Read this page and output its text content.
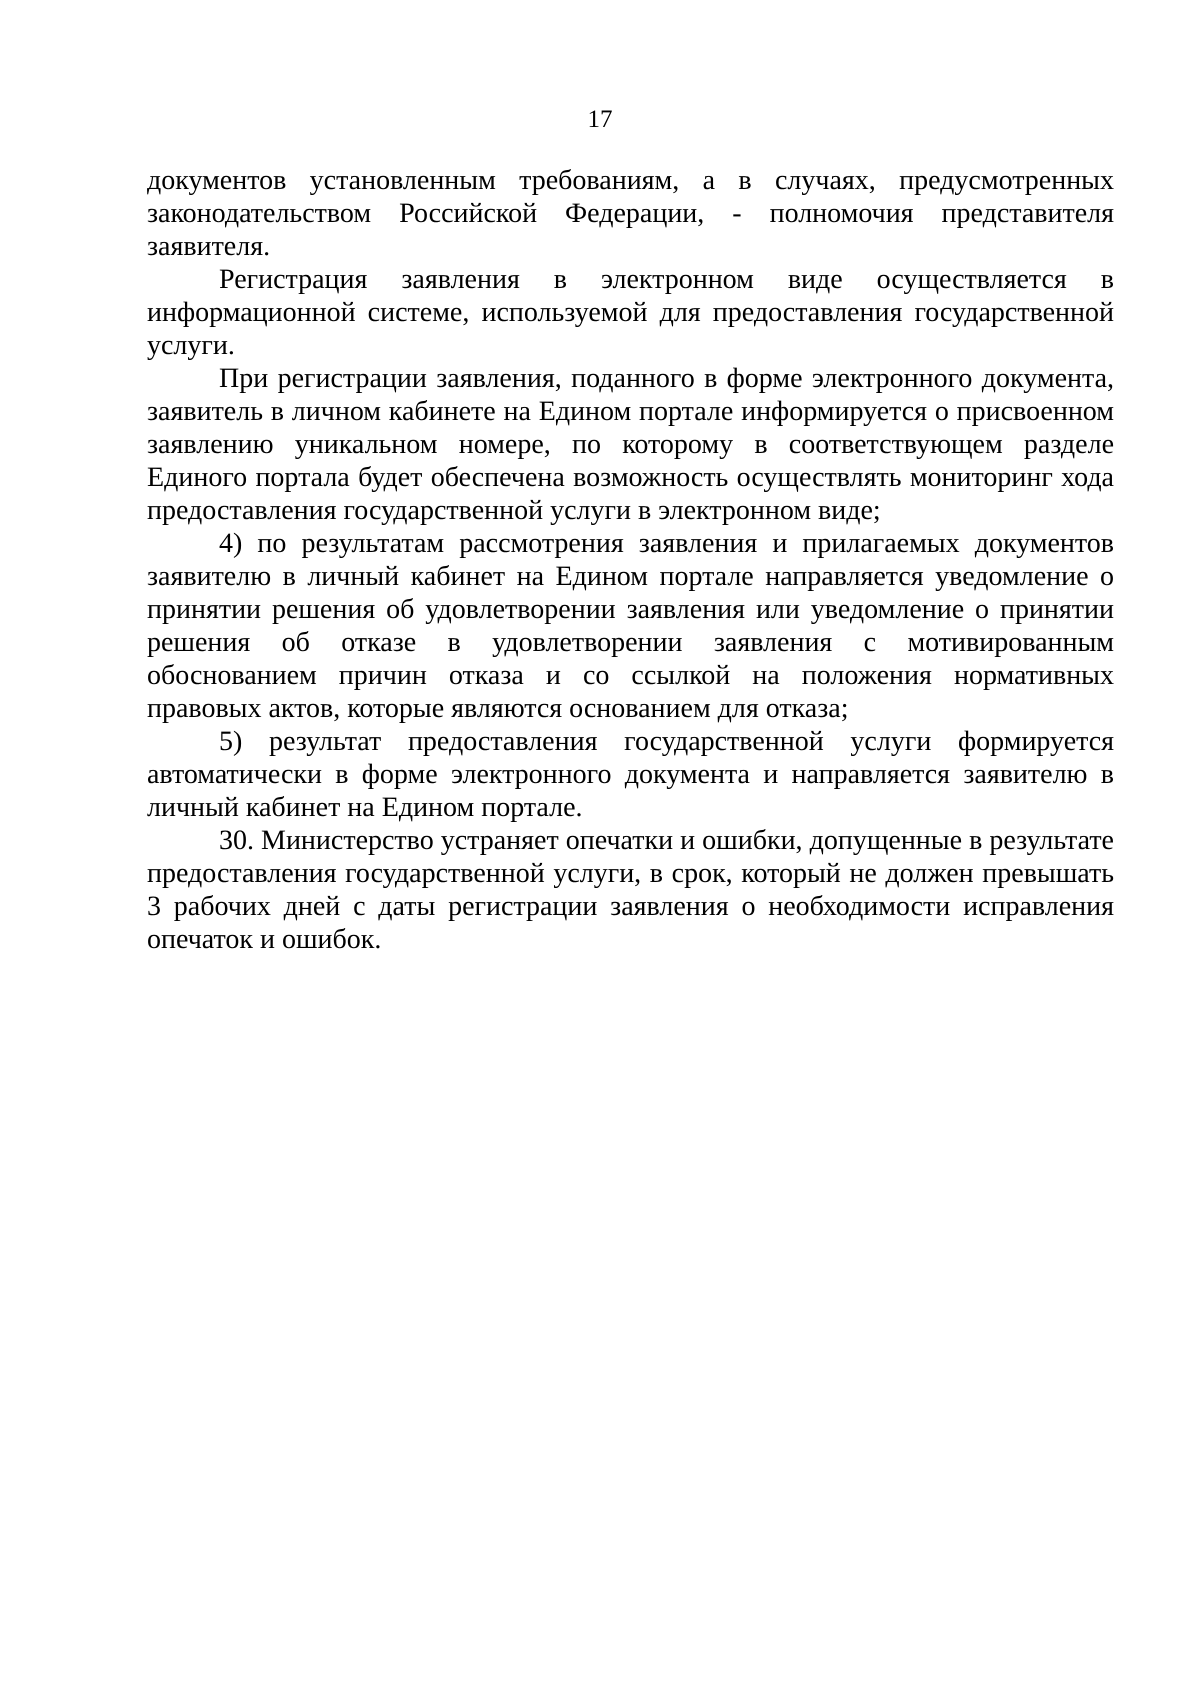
17

документов установленным требованиям, а в случаях, предусмотренных законодательством Российской Федерации, - полномочия представителя заявителя.

Регистрация заявления в электронном виде осуществляется в информационной системе, используемой для предоставления государственной услуги.

При регистрации заявления, поданного в форме электронного документа, заявитель в личном кабинете на Едином портале информируется о присвоенном заявлению уникальном номере, по которому в соответствующем разделе Единого портала будет обеспечена возможность осуществлять мониторинг хода предоставления государственной услуги в электронном виде;

4) по результатам рассмотрения заявления и прилагаемых документов заявителю в личный кабинет на Едином портале направляется уведомление о принятии решения об удовлетворении заявления или уведомление о принятии решения об отказе в удовлетворении заявления с мотивированным обоснованием причин отказа и со ссылкой на положения нормативных правовых актов, которые являются основанием для отказа;

5) результат предоставления государственной услуги формируется автоматически в форме электронного документа и направляется заявителю в личный кабинет на Едином портале.

30. Министерство устраняет опечатки и ошибки, допущенные в результате предоставления государственной услуги, в срок, который не должен превышать 3 рабочих дней с даты регистрации заявления о необходимости исправления опечаток и ошибок.
